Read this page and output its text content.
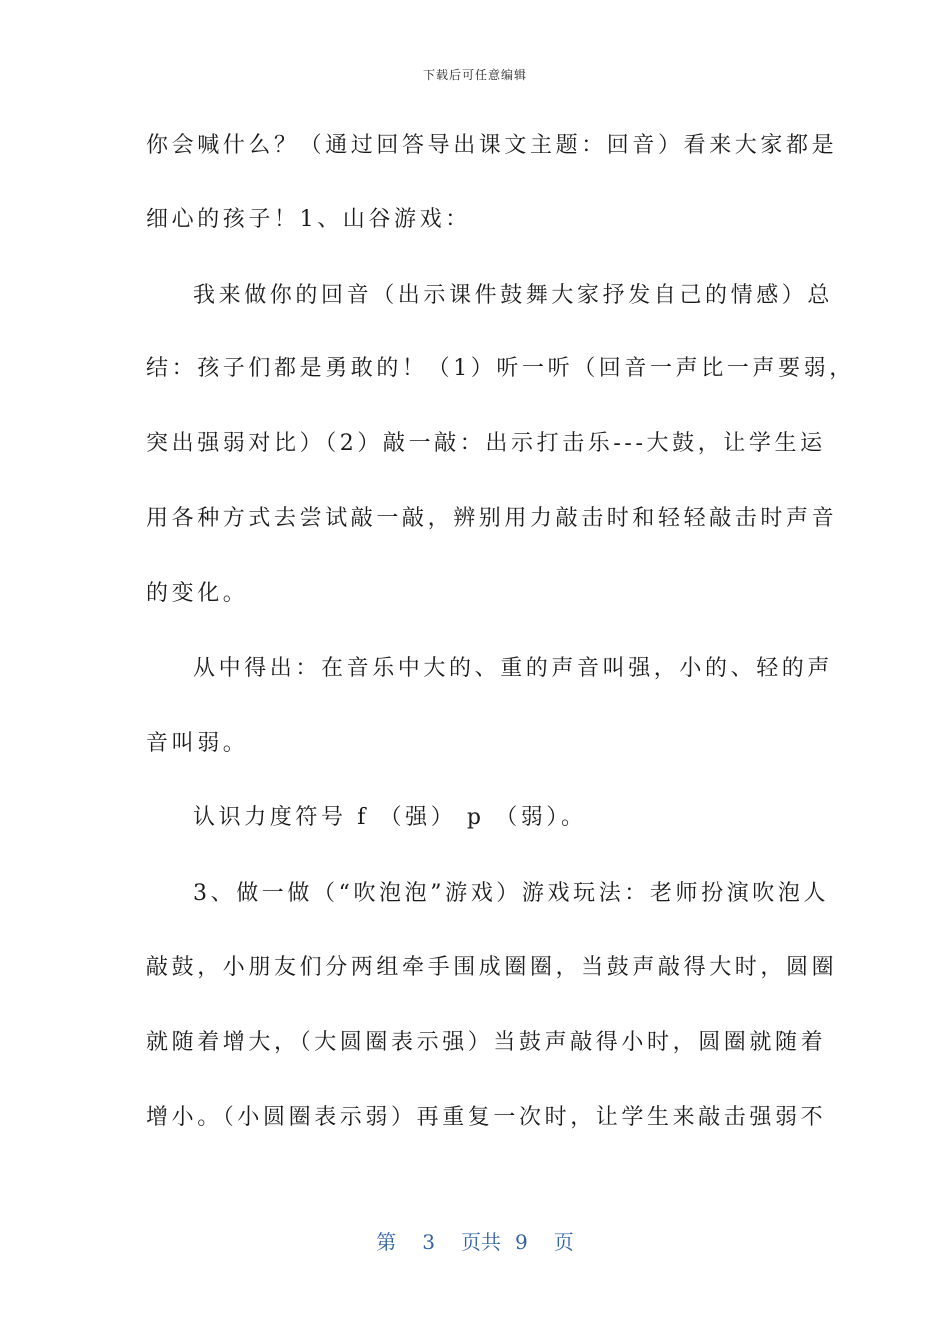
下载后可任意编辑
你会喊什么？（通过回答导出课文主题：回音）看来大家都是
细心的孩子！1、山谷游戏：
我来做你的回音（出示课件鼓舞大家抒发自己的情感）总
结：孩子们都是勇敢的！（1）听一听（回音一声比一声要弱，
突出强弱对比）（2）敲一敲：出示打击乐---大鼓，让学生运
用各种方式去尝试敲一敲，辨别用力敲击时和轻轻敲击时声音
的变化。
从中得出：在音乐中大的、重的声音叫强，小的、轻的声
音叫弱。
认识力度符号 f （强） p （弱）。
3、做一做（“吹泡泡”游戏）游戏玩法：老师扮演吹泡人
敲鼓，小朋友们分两组牵手围成圈圈，当鼓声敲得大时，圆圈
就随着增大，（大圆圈表示强）当鼓声敲得小时，圆圈就随着
增小。（小圆圈表示弱）再重复一次时，让学生来敲击强弱不
第 3 页共 9 页
